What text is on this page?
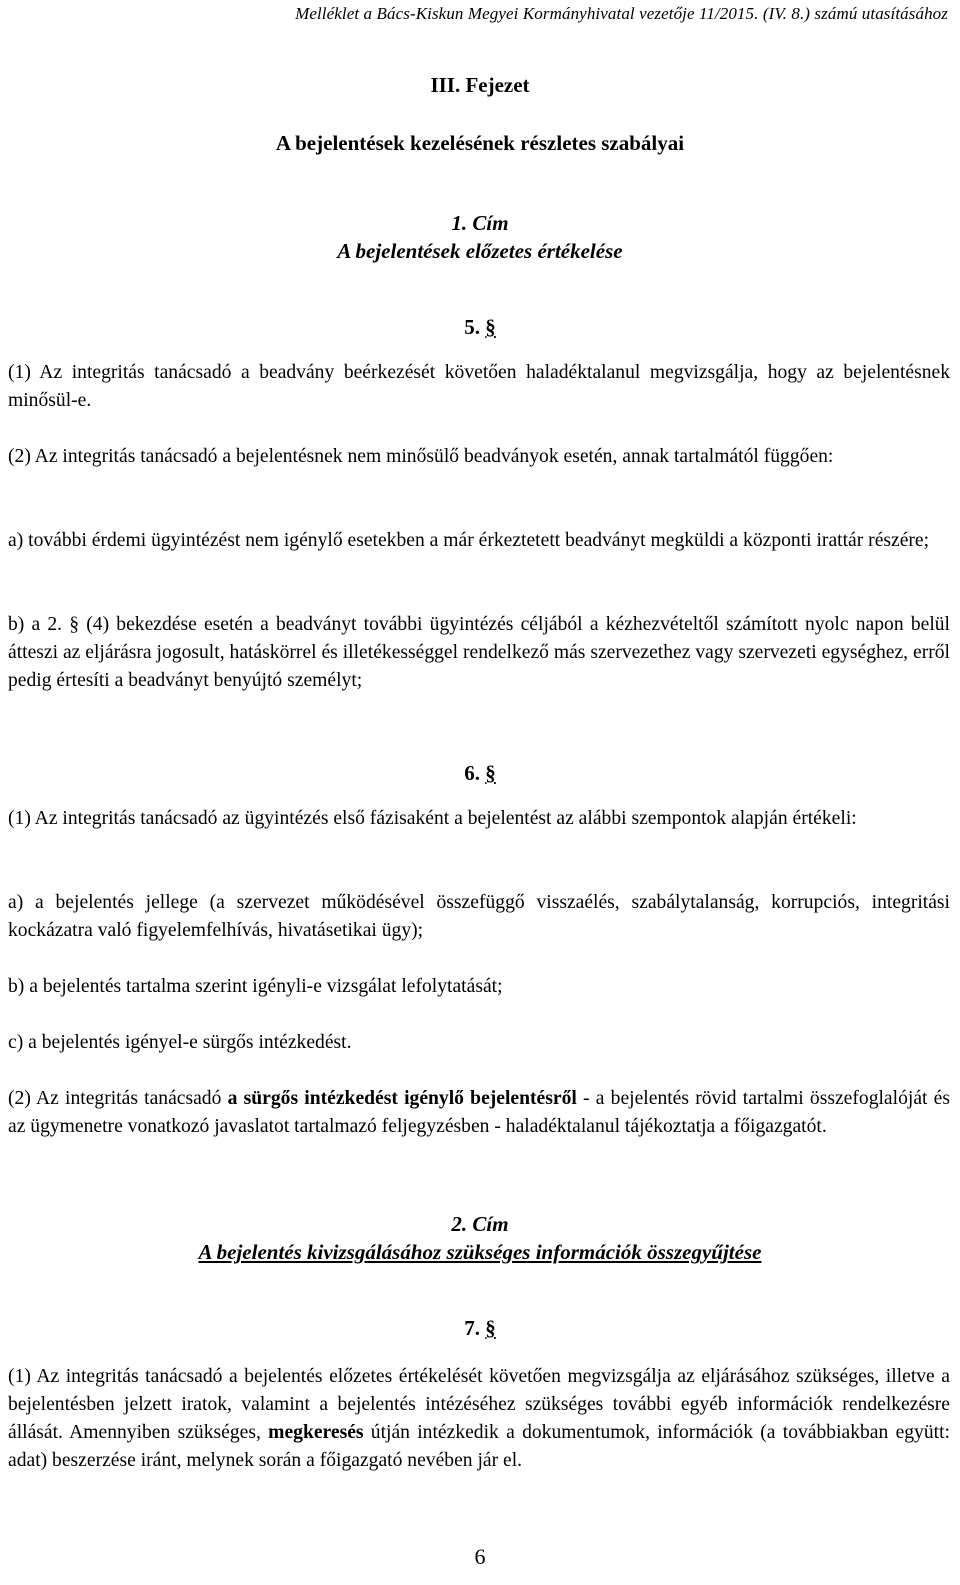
Melléklet a Bács-Kiskun Megyei Kormányhivatal vezetője 11/2015. (IV. 8.) számú utasításához
III. Fejezet
A bejelentések kezelésének részletes szabályai
1. Cím
A bejelentések előzetes értékelése
5. §
(1) Az integritás tanácsadó a beadvány beérkezését követően haladéktalanul megvizsgálja, hogy az bejelentésnek minősül-e.
(2) Az integritás tanácsadó a bejelentésnek nem minősülő beadványok esetén, annak tartalmától függően:
a) további érdemi ügyintézést nem igénylő esetekben a már érkeztetett beadványt megküldi a központi irattár részére;
b) a 2. § (4) bekezdése esetén a beadványt további ügyintézés céljából a kézhezvételtől számított nyolc napon belül átteszi az eljárásra jogosult, hatáskörrel és illetékességgel rendelkező más szervezethez vagy szervezeti egységhez, erről pedig értesíti a beadványt benyújtó személyt;
6. §
(1) Az integritás tanácsadó az ügyintézés első fázisaként a bejelentést az alábbi szempontok alapján értékeli:
a) a bejelentés jellege (a szervezet működésével összefüggő visszaélés, szabálytalanság, korrupciós, integritási kockázatra való figyelemfelhívás, hivatásetikai ügy);
b) a bejelentés tartalma szerint igényli-e vizsgálat lefolytatását;
c) a bejelentés igényel-e sürgős intézkedést.
(2) Az integritás tanácsadó a sürgős intézkedést igénylő bejelentésről - a bejelentés rövid tartalmi összefoglalóját és az ügymenetre vonatkozó javaslatot tartalmazó feljegyzésben - haladéktalanul tájékoztatja a főigazgatót.
2. Cím
A bejelentés kivizsgálásához szükséges információk összegyűjtése
7. §
(1) Az integritás tanácsadó a bejelentés előzetes értékelését követően megvizsgálja az eljárásához szükséges, illetve a bejelentésben jelzett iratok, valamint a bejelentés intézéséhez szükséges további egyéb információk rendelkezésre állását. Amennyiben szükséges, megkeresés útján intézkedik a dokumentumok, információk (a továbbiakban együtt: adat) beszerzése iránt, melynek során a főigazgató nevében jár el.
6
